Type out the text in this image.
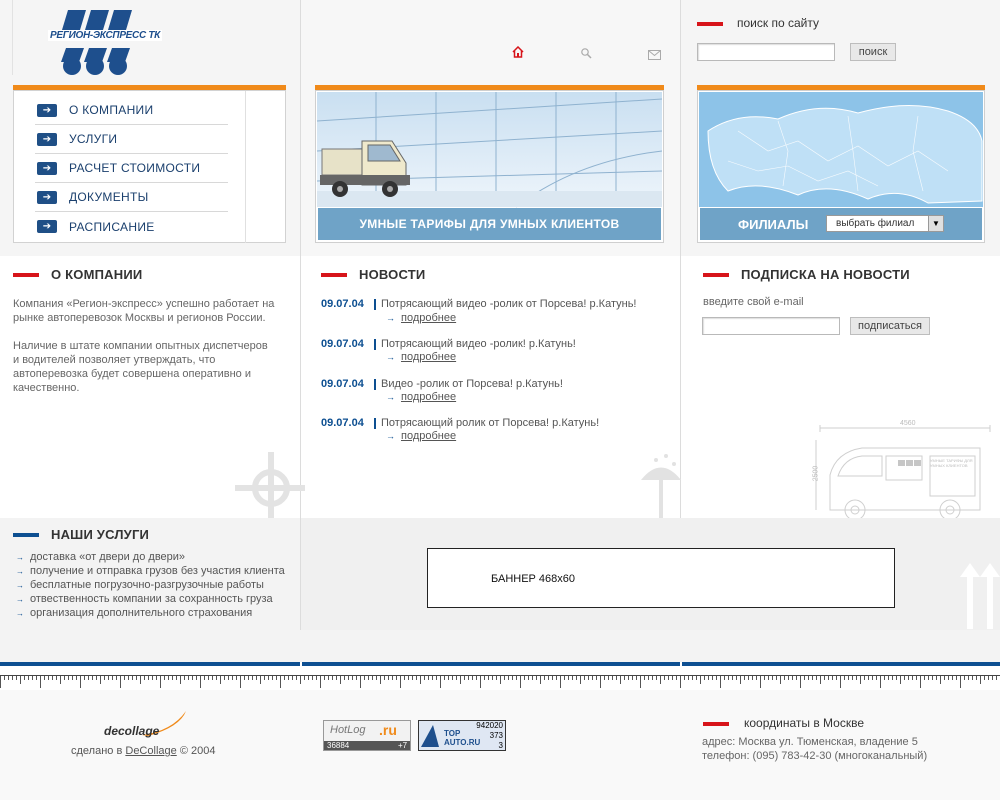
РЕГИОН-ЭКСПРЕСС ТК
поиск по сайту
поиск
➔	О КОМПАНИИ
➔	УСЛУГИ
➔	РАСЧЕТ СТОИМОСТИ
➔	ДОКУМЕНТЫ
➔	РАСПИСАНИЕ	УМНЫЕ ТАРИФЫ ДЛЯ УМНЫХ КЛИЕНТОВ	ФИЛИАЛЫ	выбрать филиал	▼
О КОМПАНИИ
Компания «Регион-экспресс» успешно работает на рынке автоперевозок Москвы и регионов России.
Наличие в штате компании опытных диспетчеров и водителей позволяет утверждать, что автоперевозка будет совершена оперативно и качественно.
НОВОСТИ
09.07.04 Потрясающий видео -ролик от Порсева! р.Катунь!
→ подробнее
09.07.04 Потрясающий видео -ролик! р.Катунь!
→ подробнее
09.07.04 Видео -ролик от Порсева! р.Катунь!
→ подробнее
09.07.04 Потрясающий ролик от Порсева! р.Катунь!
→ подробнее
ПОДПИСКА НА НОВОСТИ
введите свой e-mail
подписаться
4560
2500
УМНЫЕ ТАРИФЫ ДЛЯ УМНЫХ КЛИЕНТОВ
НАШИ УСЛУГИ
→ доставка «от двери до двери»
→ получение и отправка грузов без участия клиента
→ бесплатные погрузочно-разгрузочные работы
→ отвественность компании за сохранность груза
→ организация дополнительного страхования
БАННЕР 468х60
decollage
сделано в DeCollage © 2004
HotLog .ru
36884	+7
TOP
AUTO.RU
942020
373
3
координаты в Москве
адрес: Москва ул. Тюменская, владение 5
телефон: (095) 783-42-30 (многоканальный)
